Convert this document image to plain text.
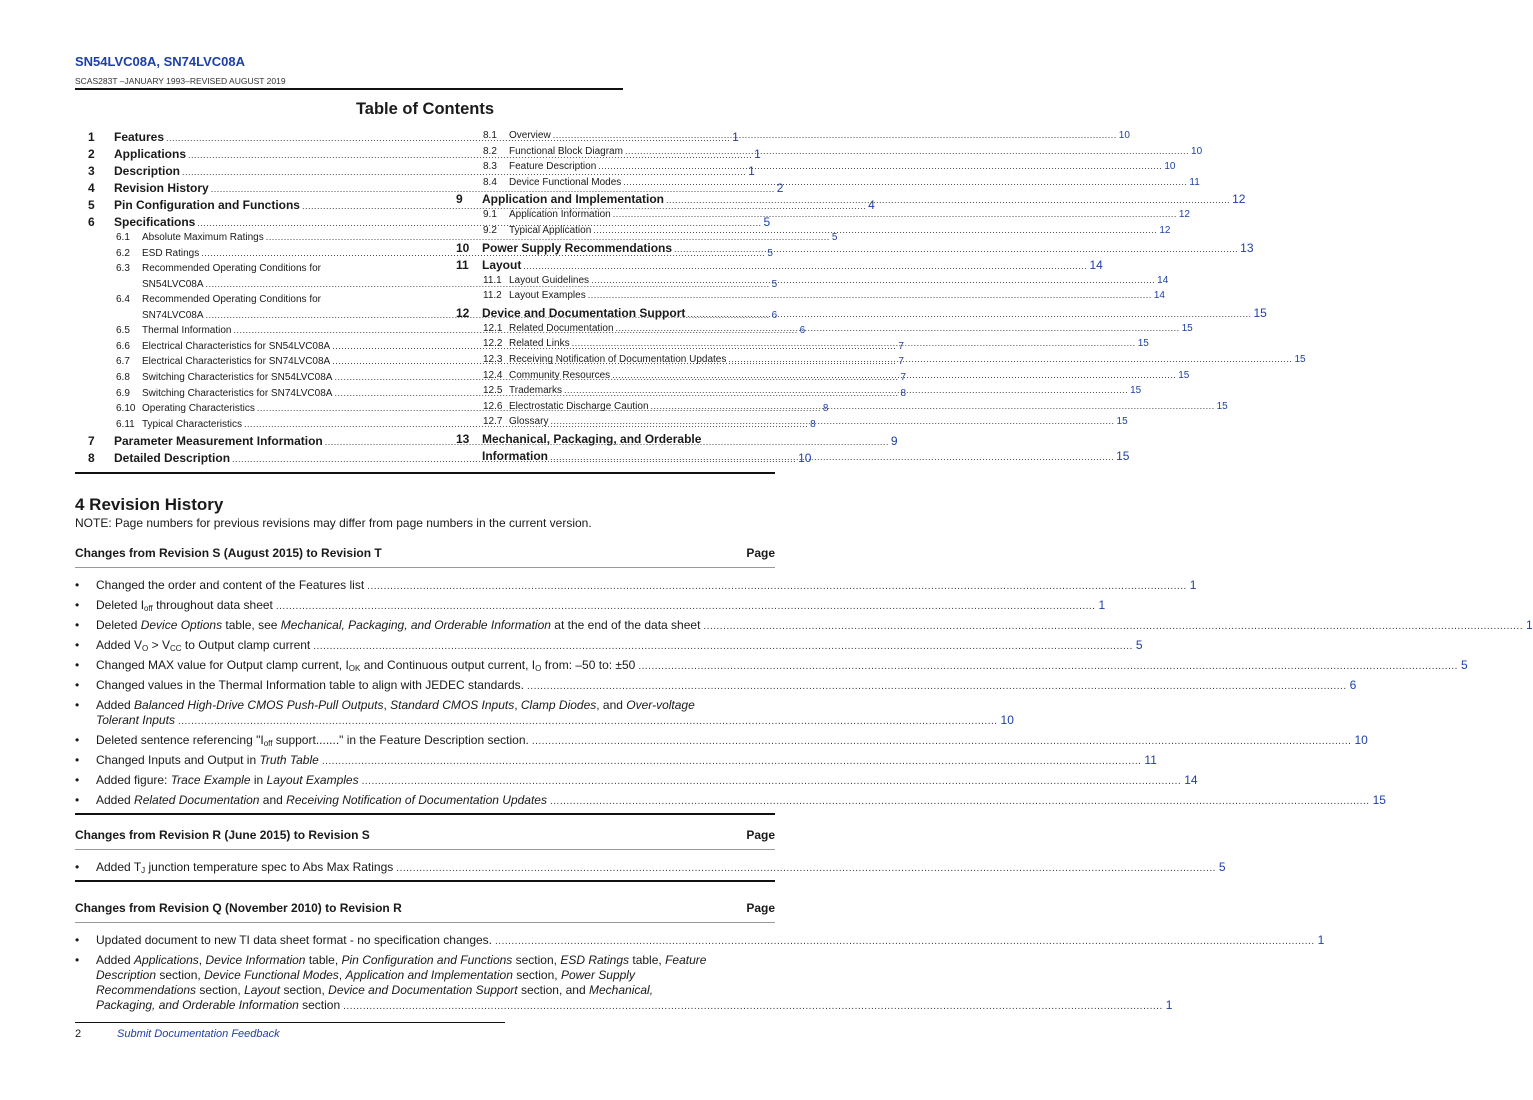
SN54LVC08A, SN74LVC08A
SCAS283T –JANUARY 1993–REVISED AUGUST 2019
Table of Contents
1	Features .....	1
2	Applications .....	1
3	Description .....	1
4	Revision History .....	2
5	Pin Configuration and Functions .....	4
6	Specifications .....	5
6.1	Absolute Maximum Ratings .....	5
6.2	ESD Ratings .....	5
6.3 Recommended Operating Conditions for
SN54LVC08A .....	5
6.4 Recommended Operating Conditions for
SN74LVC08A .....	6
6.5	Thermal Information .....	6
6.6	Electrical Characteristics for SN54LVC08A .....	7
6.7	Electrical Characteristics for SN74LVC08A .....	7
6.8	Switching Characteristics for SN54LVC08A .....	7
6.9	Switching Characteristics for SN74LVC08A .....	8
6.10 Operating Characteristics .....	8
6.11 Typical Characteristics .....	8
7	Parameter Measurement Information .....	9
8	Detailed Description .....	10
8.1	Overview .....	10
8.2	Functional Block Diagram .....	10
8.3	Feature Description .....	10
8.4	Device Functional Modes .....	11
9	Application and Implementation .....	12
9.1	Application Information .....	12
9.2	Typical Application .....	12
10	Power Supply Recommendations .....	13
11	Layout .....	14
11.1 Layout Guidelines .....	14
11.2 Layout Examples .....	14
12	Device and Documentation Support .....	15
12.1 Related Documentation .....	15
12.2 Related Links .....	15
12.3 Receiving Notification of Documentation Updates .....	15
12.4 Community Resources .....	15
12.5 Trademarks .....	15
12.6 Electrostatic Discharge Caution .....	15
12.7 Glossary .....	15
13 Mechanical, Packaging, and Orderable
Information .....	15
4 Revision History
NOTE: Page numbers for previous revisions may differ from page numbers in the current version.
Changes from Revision S (August 2015) to Revision T	Page
• Changed the order and content of the Features list .....	1
• Deleted $I_{off}$ throughout data sheet .....	1
• Deleted Device Options table, see Mechanical, Packaging, and Orderable Information at the end of the data sheet .....	1
• Added $V_O > V_{CC}$ to Output clamp current .....	5
• Changed MAX value for Output clamp current, $I_{OK}$ and Continuous output current, $I_O$ from: –50 to: ±50 .....	5
• Changed values in the Thermal Information table to align with JEDEC standards. .....	6
• Added Balanced High-Drive CMOS Push-Pull Outputs, Standard CMOS Inputs, Clamp Diodes, and Over-voltage
Tolerant Inputs .....	10
• Deleted sentence referencing "$I_{off}$ support......." in the Feature Description section. .....	10
• Changed Inputs and Output in Truth Table .....	11
• Added figure: Trace Example in Layout Examples .....	14
• Added Related Documentation and Receiving Notification of Documentation Updates .....	15
Changes from Revision R (June 2015) to Revision S	Page
• Added $T_J$ junction temperature spec to Abs Max Ratings .....	5
Changes from Revision Q (November 2010) to Revision R	Page
• Updated document to new TI data sheet format - no specification changes. .....	1
• Added Applications, Device Information table, Pin Configuration and Functions section, ESD Ratings table, Feature
Description section, Device Functional Modes, Application and Implementation section, Power Supply
Recommendations section, Layout section, Device and Documentation Support section, and Mechanical,
Packaging, and Orderable Information section .....	1
2	Submit Documentation Feedback
